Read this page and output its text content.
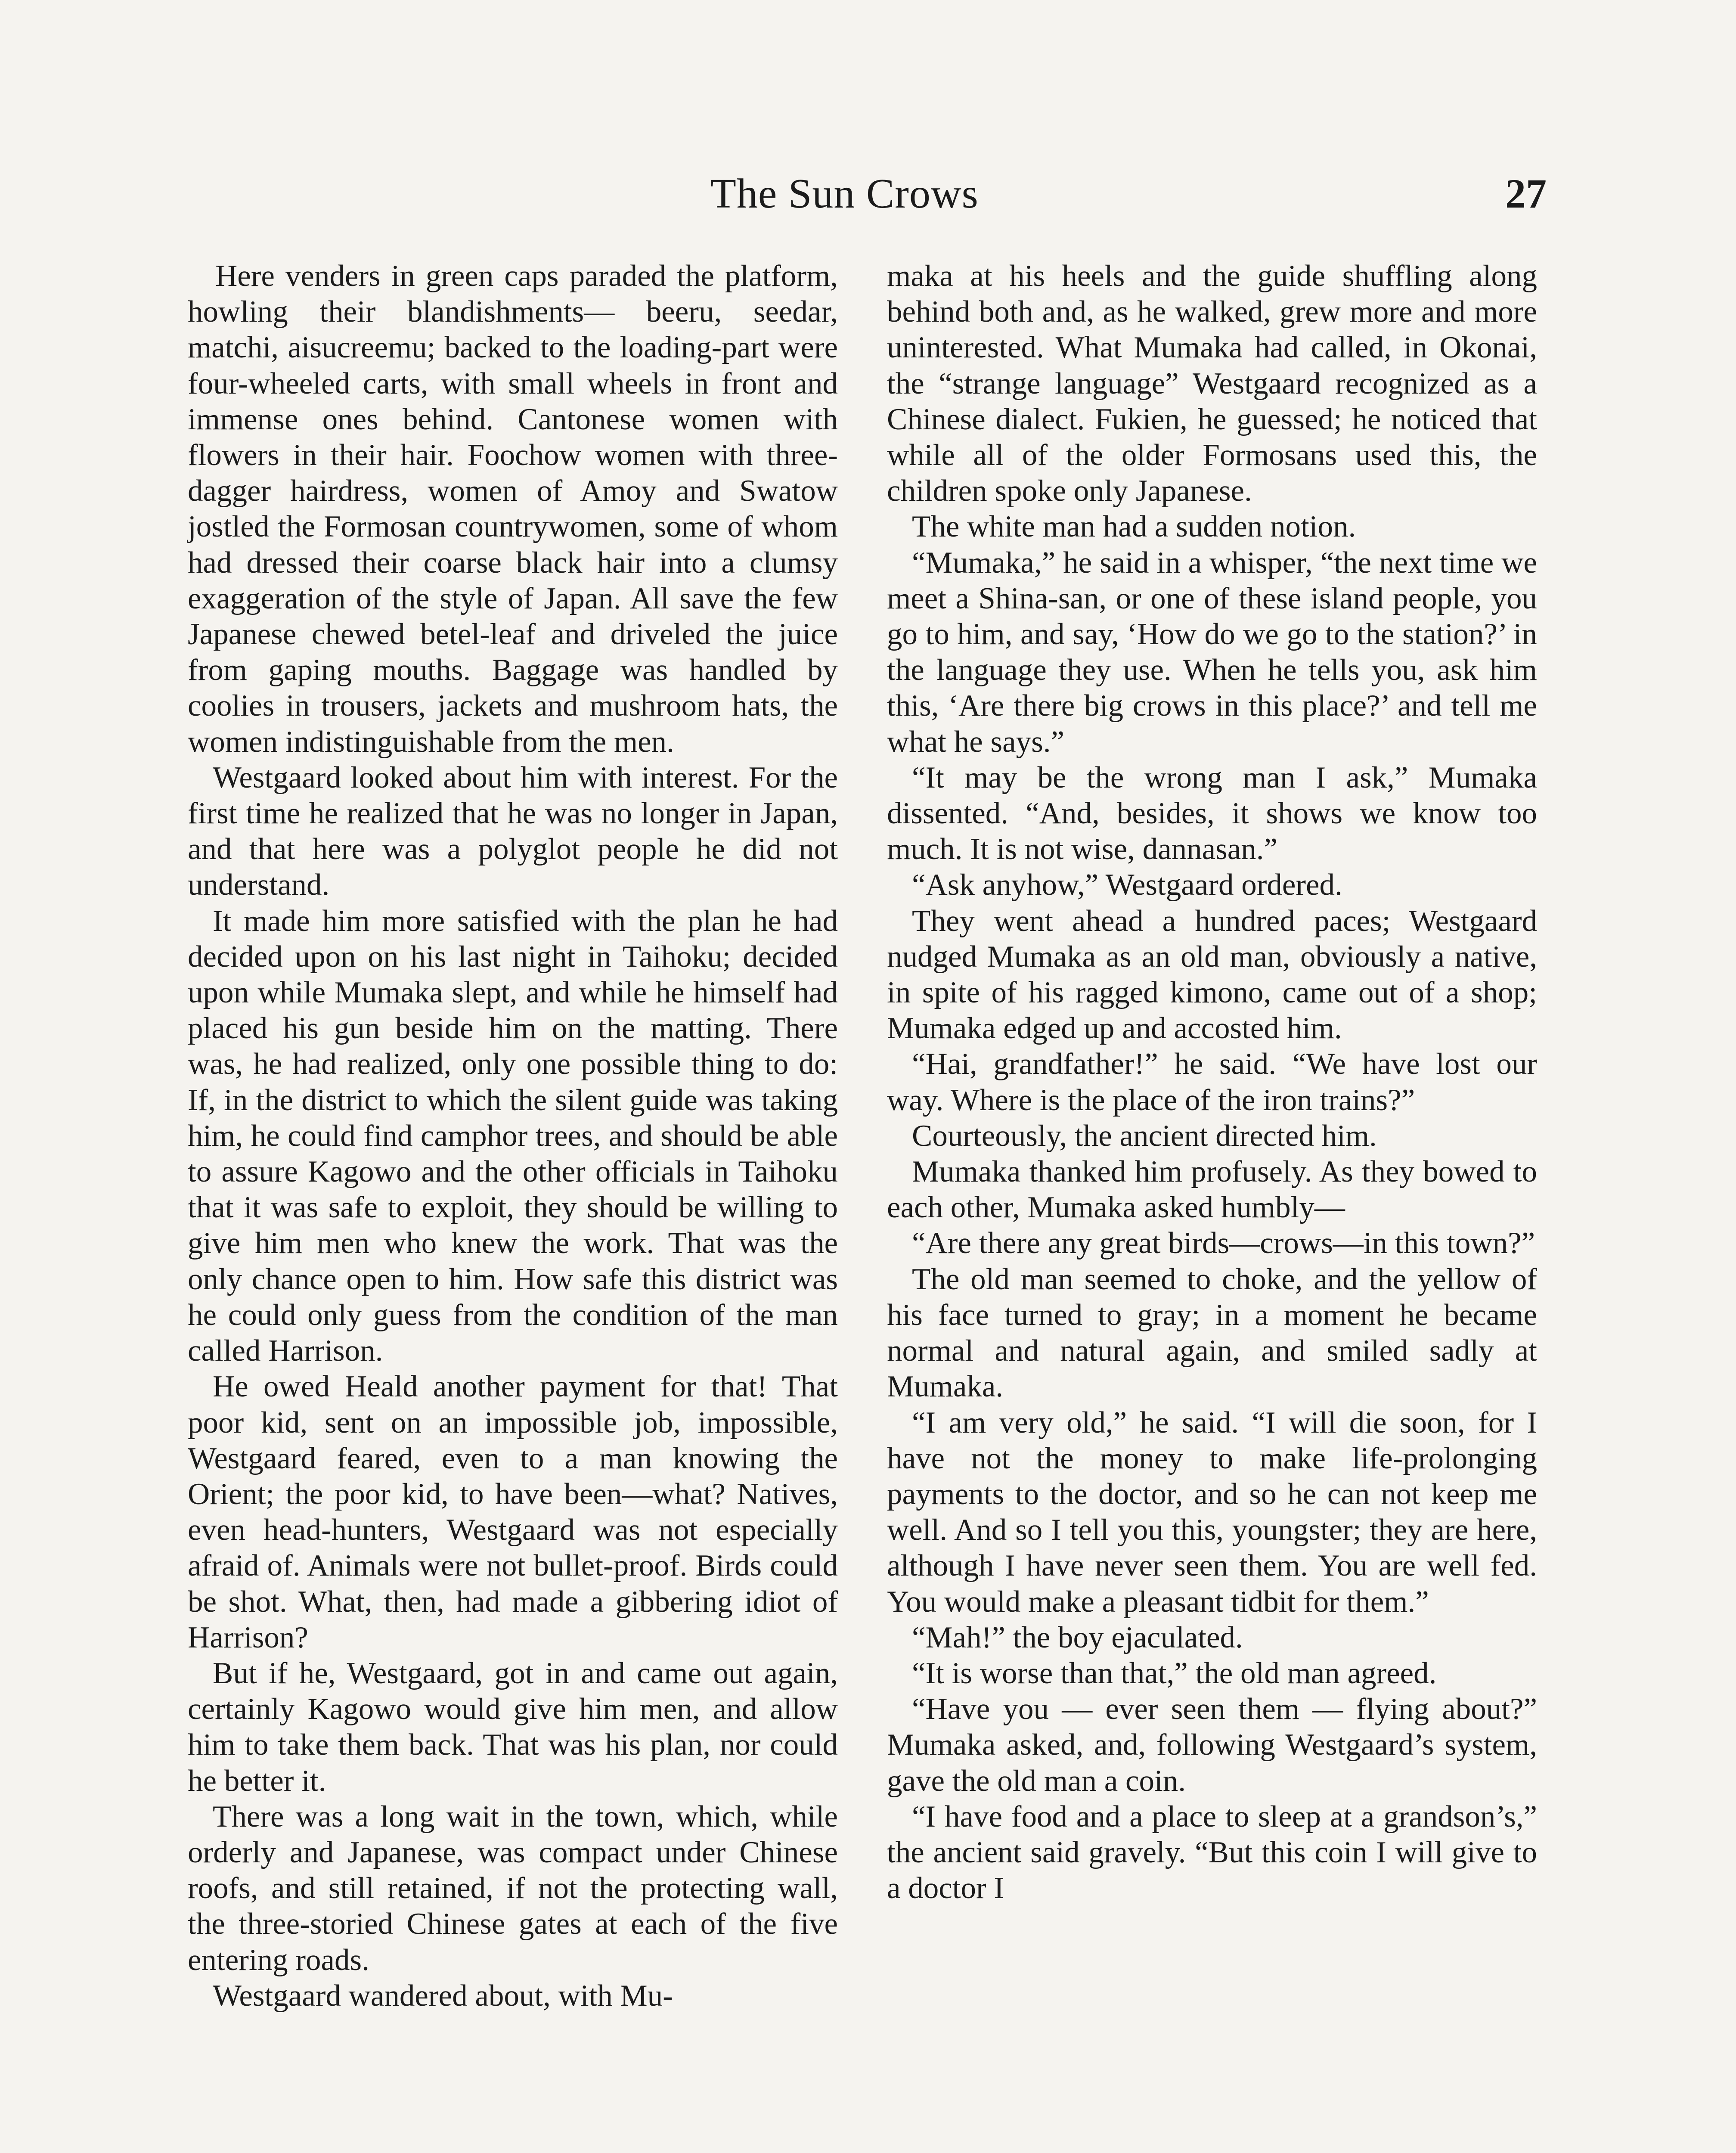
The Sun Crows	27

Here venders in green caps paraded the platform, howling their blandishments— beeru, seedar, matchi, aisucreemu; backed to the loading-part were four-wheeled carts, with small wheels in front and immense ones behind. Cantonese women with flowers in their hair. Foochow women with three-dagger hairdress, women of Amoy and Swatow jostled the Formosan countrywomen, some of whom had dressed their coarse black hair into a clumsy exaggeration of the style of Japan. All save the few Japanese chewed betel-leaf and driveled the juice from gaping mouths. Baggage was handled by coolies in trousers, jackets and mushroom hats, the women indistinguishable from the men.

Westgaard looked about him with interest. For the first time he realized that he was no longer in Japan, and that here was a polyglot people he did not understand.

It made him more satisfied with the plan he had decided upon on his last night in Taihoku; decided upon while Mumaka slept, and while he himself had placed his gun beside him on the matting. There was, he had realized, only one possible thing to do: If, in the district to which the silent guide was taking him, he could find camphor trees, and should be able to assure Kagowo and the other officials in Taihoku that it was safe to exploit, they should be willing to give him men who knew the work. That was the only chance open to him. How safe this district was he could only guess from the condition of the man called Harrison.

He owed Heald another payment for that! That poor kid, sent on an impossible job, impossible, Westgaard feared, even to a man knowing the Orient; the poor kid, to have been—what? Natives, even head-hunters, Westgaard was not especially afraid of. Animals were not bullet-proof. Birds could be shot. What, then, had made a gibbering idiot of Harrison?

But if he, Westgaard, got in and came out again, certainly Kagowo would give him men, and allow him to take them back. That was his plan, nor could he better it.

There was a long wait in the town, which, while orderly and Japanese, was compact under Chinese roofs, and still retained, if not the protecting wall, the three-storied Chinese gates at each of the five entering roads.

Westgaard wandered about, with Mu-

maka at his heels and the guide shuffling along behind both and, as he walked, grew more and more uninterested. What Mumaka had called, in Okonai, the “strange language” Westgaard recognized as a Chinese dialect. Fukien, he guessed; he noticed that while all of the older Formosans used this, the children spoke only Japanese.

The white man had a sudden notion.

“Mumaka,” he said in a whisper, “the next time we meet a Shina-san, or one of these island people, you go to him, and say, ‘How do we go to the station?’ in the language they use. When he tells you, ask him this, ‘Are there big crows in this place?’ and tell me what he says.”

“It may be the wrong man I ask,” Mumaka dissented. “And, besides, it shows we know too much. It is not wise, dannasan.”

“Ask anyhow,” Westgaard ordered.

They went ahead a hundred paces; Westgaard nudged Mumaka as an old man, obviously a native, in spite of his ragged kimono, came out of a shop; Mumaka edged up and accosted him.

“Hai, grandfather!” he said. “We have lost our way. Where is the place of the iron trains?”

Courteously, the ancient directed him.

Mumaka thanked him profusely. As they bowed to each other, Mumaka asked humbly—

“Are there any great birds—crows—in this town?”

The old man seemed to choke, and the yellow of his face turned to gray; in a moment he became normal and natural again, and smiled sadly at Mumaka.

“I am very old,” he said. “I will die soon, for I have not the money to make life-prolonging payments to the doctor, and so he can not keep me well. And so I tell you this, youngster; they are here, although I have never seen them. You are well fed. You would make a pleasant tidbit for them.”

“Mah!” the boy ejaculated.

“It is worse than that,” the old man agreed.

“Have you — ever seen them — flying about?” Mumaka asked, and, following Westgaard’s system, gave the old man a coin.

“I have food and a place to sleep at a grandson’s,” the ancient said gravely. “But this coin I will give to a doctor I
